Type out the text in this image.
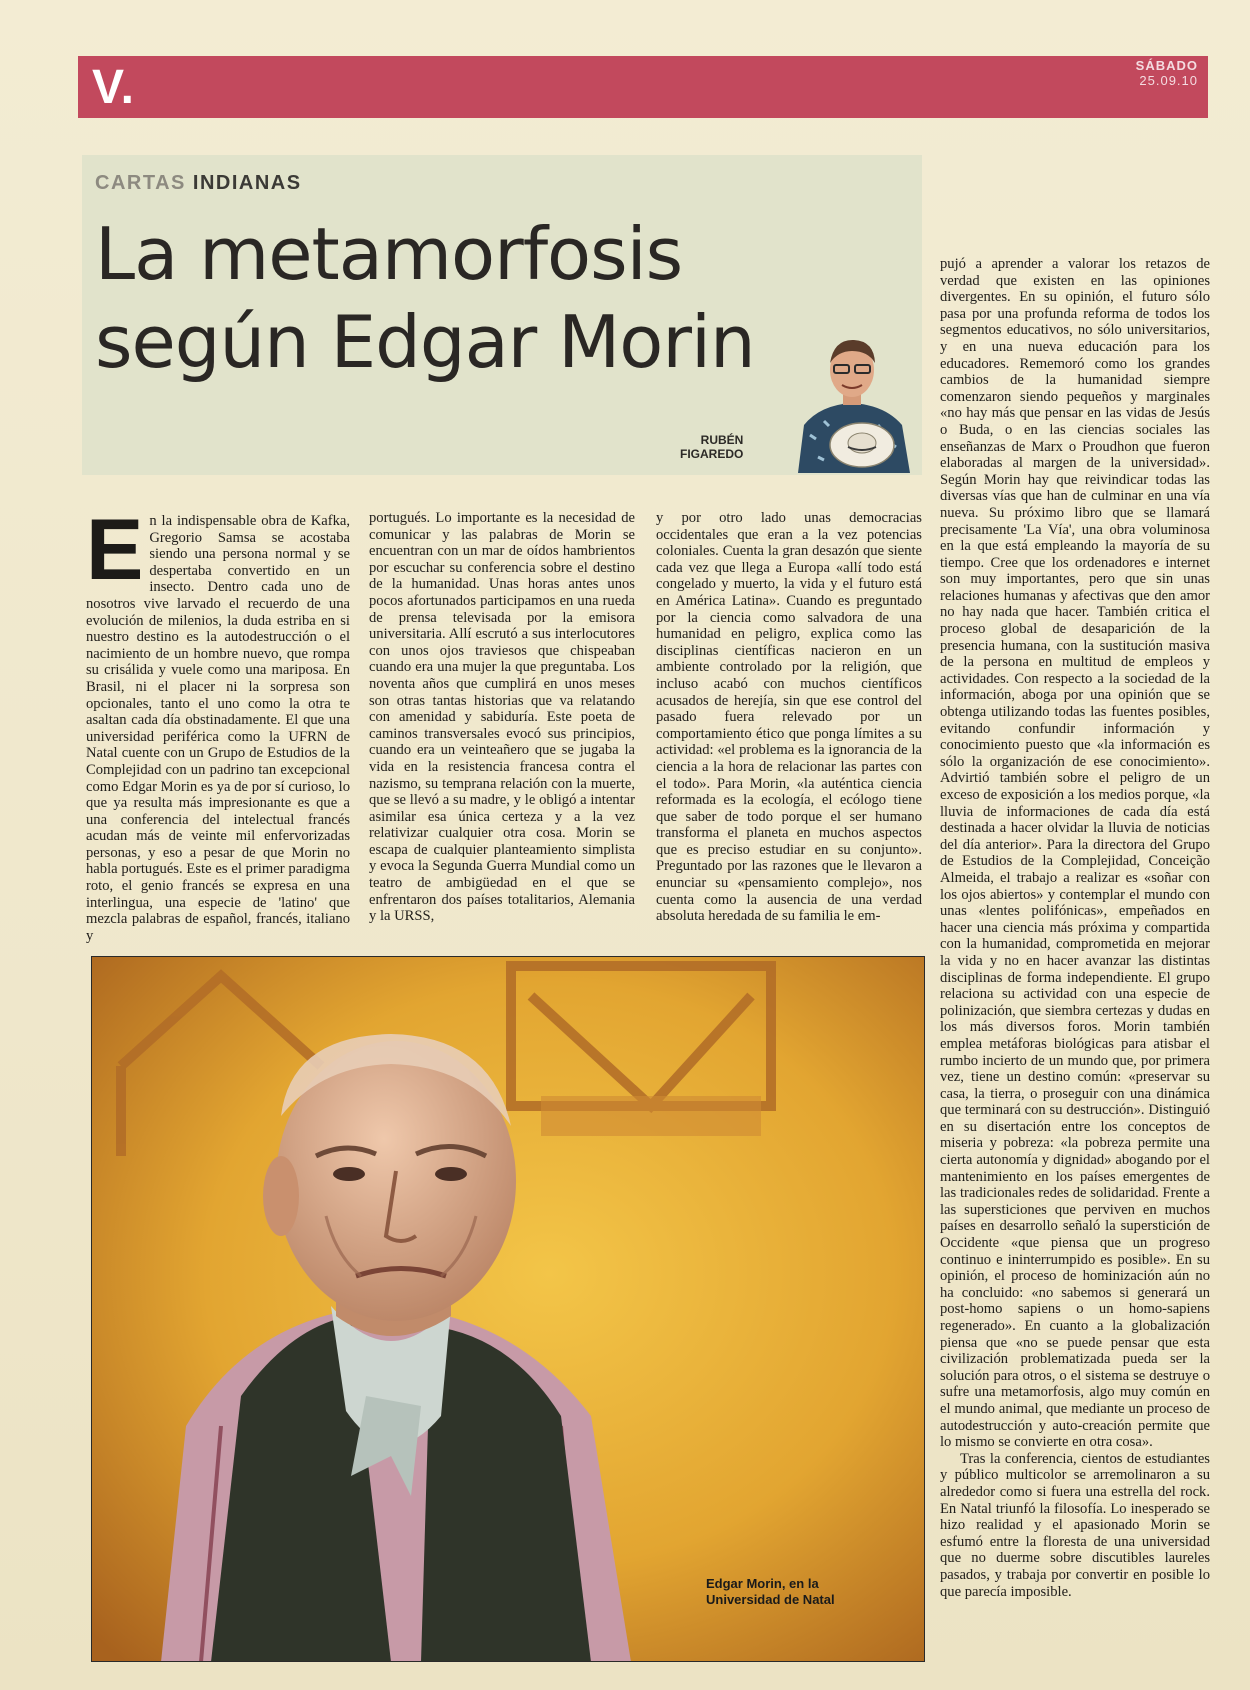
V.	SÁBADO
25.09.10
CARTAS INDIANAS
La metamorfosis según Edgar Morin
RUBÉN
FIGAREDO
E n la indispensable obra de Kafka, Gregorio Samsa se acostaba siendo una persona normal y se despertaba convertido en un insecto. Dentro cada uno de nosotros vive larvado el recuerdo de una evolución de milenios, la duda estriba en si nuestro destino es la autodestrucción o el nacimiento de un hombre nuevo, que rompa su crisálida y vuele como una mariposa. En Brasil, ni el placer ni la sorpresa son opcionales, tanto el uno como la otra te asaltan cada día obstinadamente. El que una universidad periférica como la UFRN de Natal cuente con un Grupo de Estudios de la Complejidad con un padrino tan excepcional como Edgar Morin es ya de por sí curioso, lo que ya resulta más impresionante es que a una conferencia del intelectual francés acudan más de veinte mil enfervorizadas personas, y eso a pesar de que Morin no habla portugués. Este es el primer paradigma roto, el genio francés se expresa en una interlingua, una especie de 'latino' que mezcla palabras de español, francés, italiano y

portugués. Lo importante es la necesidad de comunicar y las palabras de Morin se encuentran con un mar de oídos hambrientos por escuchar su conferencia sobre el destino de la humanidad. Unas horas antes unos pocos afortunados participamos en una rueda de prensa televisada por la emisora universitaria. Allí escrutó a sus interlocutores con unos ojos traviesos que chispeaban cuando era una mujer la que preguntaba. Los noventa años que cumplirá en unos meses son otras tantas historias que va relatando con amenidad y sabiduría. Este poeta de caminos transversales evocó sus principios, cuando era un veinteañero que se jugaba la vida en la resistencia francesa contra el nazismo, su temprana relación con la muerte, que se llevó a su madre, y le obligó a intentar asimilar esa única certeza y a la vez relativizar cualquier otra cosa. Morin se escapa de cualquier planteamiento simplista y evoca la Segunda Guerra Mundial como un teatro de ambigüedad en el que se enfrentaron dos países totalitarios, Alemania y la URSS,

y por otro lado unas democracias occidentales que eran a la vez potencias coloniales. Cuenta la gran desazón que siente cada vez que llega a Europa «allí todo está congelado y muerto, la vida y el futuro está en América Latina». Cuando es preguntado por la ciencia como salvadora de una humanidad en peligro, explica como las disciplinas científicas nacieron en un ambiente controlado por la religión, que incluso acabó con muchos científicos acusados de herejía, sin que ese control del pasado fuera relevado por un comportamiento ético que ponga límites a su actividad: «el problema es la ignorancia de la ciencia a la hora de relacionar las partes con el todo». Para Morin, «la auténtica ciencia reformada es la ecología, el ecólogo tiene que saber de todo porque el ser humano transforma el planeta en muchos aspectos que es preciso estudiar en su conjunto». Preguntado por las razones que le llevaron a enunciar su «pensamiento complejo», nos cuenta como la ausencia de una verdad absoluta heredada de su familia le em-

pujó a aprender a valorar los retazos de verdad que existen en las opiniones divergentes. En su opinión, el futuro sólo pasa por una profunda reforma de todos los segmentos educativos, no sólo universitarios, y en una nueva educación para los educadores. Rememoró como los grandes cambios de la humanidad siempre comenzaron siendo pequeños y marginales «no hay más que pensar en las vidas de Jesús o Buda, o en las ciencias sociales las enseñanzas de Marx o Proudhon que fueron elaboradas al margen de la universidad». Según Morin hay que reivindicar todas las diversas vías que han de culminar en una vía nueva. Su próximo libro que se llamará precisamente 'La Vía', una obra voluminosa en la que está empleando la mayoría de su tiempo. Cree que los ordenadores e internet son muy importantes, pero que sin unas relaciones humanas y afectivas que den amor no hay nada que hacer. También critica el proceso global de desaparición de la presencia humana, con la sustitución masiva de la persona en multitud de empleos y actividades. Con respecto a la sociedad de la información, aboga por una opinión que se obtenga utilizando todas las fuentes posibles, evitando confundir información y conocimiento puesto que «la información es sólo la organización de ese conocimiento». Advirtió también sobre el peligro de un exceso de exposición a los medios porque, «la lluvia de informaciones de cada día está destinada a hacer olvidar la lluvia de noticias del día anterior». Para la directora del Grupo de Estudios de la Complejidad, Conceição Almeida, el trabajo a realizar es «soñar con los ojos abiertos» y contemplar el mundo con unas «lentes polifónicas», empeñados en hacer una ciencia más próxima y compartida con la humanidad, comprometida en mejorar la vida y no en hacer avanzar las distintas disciplinas de forma independiente. El grupo relaciona su actividad con una especie de polinización, que siembra certezas y dudas en los más diversos foros. Morin también emplea metáforas biológicas para atisbar el rumbo incierto de un mundo que, por primera vez, tiene un destino común: «preservar su casa, la tierra, o proseguir con una dinámica que terminará con su destrucción». Distinguió en su disertación entre los conceptos de miseria y pobreza: «la pobreza permite una cierta autonomía y dignidad» abogando por el mantenimiento en los países emergentes de las tradicionales redes de solidaridad. Frente a las supersticiones que perviven en muchos países en desarrollo señaló la superstición de Occidente «que piensa que un progreso continuo e ininterrumpido es posible». En su opinión, el proceso de hominización aún no ha concluido: «no sabemos si generará un post-homo sapiens o un homo-sapiens regenerado». En cuanto a la globalización piensa que «no se puede pensar que esta civilización problematizada pueda ser la solución para otros, o el sistema se destruye o sufre una metamorfosis, algo muy común en el mundo animal, que mediante un proceso de autodestrucción y auto-creación permite que lo mismo se convierte en otra cosa».

Tras la conferencia, cientos de estudiantes y público multicolor se arremolinaron a su alrededor como si fuera una estrella del rock. En Natal triunfó la filosofía. Lo inesperado se hizo realidad y el apasionado Morin se esfumó entre la floresta de una universidad que no duerme sobre discutibles laureles pasados, y trabaja por convertir en posible lo que parecía imposible.

Edgar Morin, en la
Universidad de Natal
